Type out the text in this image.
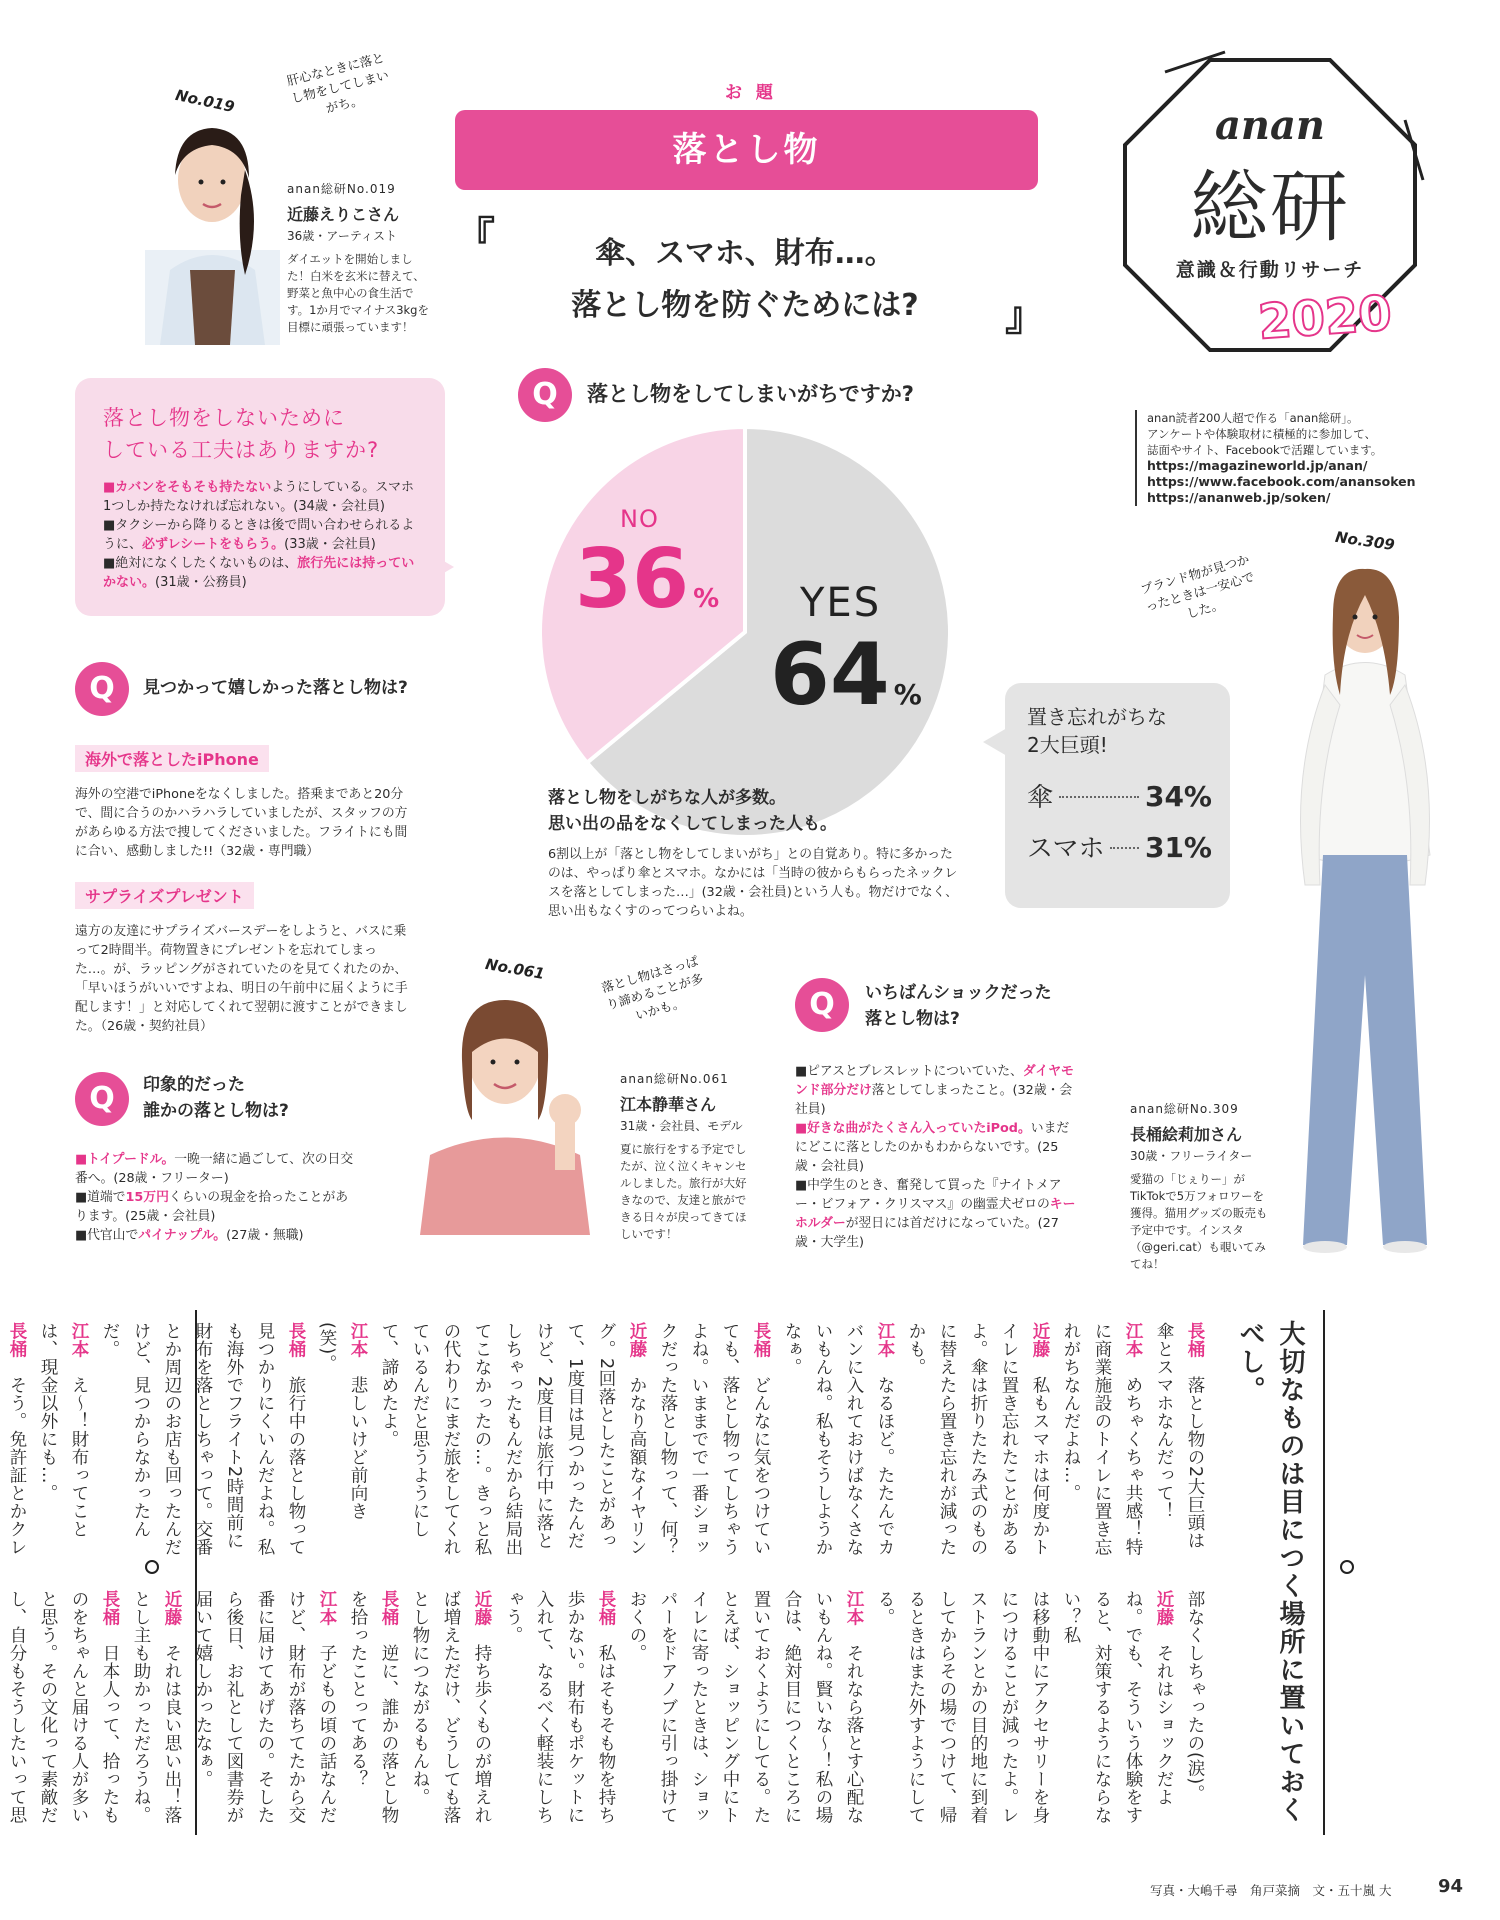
お 題
落とし物
『	傘、スマホ、財布…。
落とし物を防ぐためには?	』
anan
総研
意識＆行動リサーチ
2020
anan読者200人超で作る「anan総研」。
アンケートや体験取材に積極的に参加して、
誌面やサイト、Facebookで活躍しています。
https://magazineworld.jp/anan/
https://www.facebook.com/anansoken
https://ananweb.jp/soken/
No.019
肝心なときに落とし物をしてしまいがち。
anan総研No.019
近藤えりこさん
36歳・アーティスト
ダイエットを開始しました！白米を玄米に替えて、野菜と魚中心の食生活です。1か月でマイナス3kgを目標に頑張っています！
落とし物をしないために
している工夫はありますか?
■カバンをそもそも持たないようにしている。スマホ1つしか持たなければ忘れない。(34歳・会社員)
■タクシーから降りるときは後で問い合わせられるように、必ずレシートをもらう。(33歳・会社員)
■絶対になくしたくないものは、旅行先には持っていかない。(31歳・公務員)
Q	見つかって嬉しかった落とし物は?
海外で落としたiPhone
海外の空港でiPhoneをなくしました。搭乗まであと20分で、間に合うのかハラハラしていましたが、スタッフの方があらゆる方法で捜してくださいました。フライトにも間に合い、感動しました!!（32歳・専門職）
サプライズプレゼント
遠方の友達にサプライズバースデーをしようと、バスに乗って2時間半。荷物置きにプレゼントを忘れてしまった…。が、ラッピングがされていたのを見てくれたのか、「早いほうがいいですよね、明日の午前中に届くように手配します！」と対応してくれて翌朝に渡すことができました。（26歳・契約社員）
Q	印象的だった
誰かの落とし物は?
■トイプードル。一晩一緒に過ごして、次の日交番へ。(28歳・フリーター)
■道端で15万円くらいの現金を拾ったことがあります。(25歳・会社員)
■代官山でパイナップル。(27歳・無職)
Q	落とし物をしてしまいがちですか?
NO
36 % YES
64 %
落とし物をしがちな人が多数。
思い出の品をなくしてしまった人も。
6割以上が「落とし物をしてしまいがち」との自覚あり。特に多かったのは、やっぱり傘とスマホ。なかには「当時の彼からもらったネックレスを落としてしまった…」(32歳・会社員)という人も。物だけでなく、思い出もなくすのってつらいよね。
置き忘れがちな
2大巨頭!
傘	34%
スマホ 31%
No.309
ブランド物が見つかったときは一安心でした。
anan総研No.309
長桶絵莉加さん
30歳・フリーライター
愛猫の「じぇりー」がTikTokで5万フォロワーを獲得。猫用グッズの販売も予定中です。インスタ（@geri.cat）も覗いてみてね！
No.061	落とし物はさっぱり諦めることが多いかも。
anan総研No.061
江本静華さん
31歳・会社員、モデル
夏に旅行をする予定でしたが、泣く泣くキャンセルしました。旅行が大好きなので、友達と旅ができる日々が戻ってきてほしいです！
Q	いちばんショックだった
落とし物は?
■ピアスとブレスレットについていた、ダイヤモンド部分だけ落としてしまったこと。(32歳・会社員)
■好きな曲がたくさん入っていたiPod。いまだにどこに落としたのかもわからないです。(25歳・会社員)
■中学生のとき、奮発して買った『ナイトメアー・ビフォア・クリスマス』の幽霊犬ゼロのキーホルダーが翌日には首だけになっていた。(27歳・大学生)
大切なものは目につく場所に置いておくべし。

長桶　落とし物の2大巨頭は傘とスマホなんだって！

江本　めちゃくちゃ共感！特に商業施設のトイレに置き忘れがちなんだよね…。

近藤　私もスマホは何度かトイレに置き忘れたことがあるよ。傘は折りたたみ式のものに替えたら置き忘れが減ったかも。

江本　なるほど。たたんでカバンに入れておけばなくさないもんね。私もそうしようかなぁ。

長桶　どんなに気をつけていても、落とし物ってしちゃうよね。いままでで一番ショックだった落とし物って、何？

近藤　かなり高額なイヤリング。2回落としたことがあって、1度目は見つかったんだけど、2度目は旅行中に落としちゃったもんだから結局出てこなかったの…。きっと私の代わりにまだ旅をしてくれているんだと思うようにして、諦めたよ。

江本　悲しいけど前向き(笑)。

長桶　旅行中の落とし物って見つかりにくいんだよね。私も海外でフライト2時間前に財布を落としちゃって。交番とか周辺のお店も回ったんだけど、見つからなかったんだ。

江本　え～！財布ってことは、現金以外にも…。

長桶　そう。免許証とかクレ

部なくしちゃったの(涙)。

近藤　それはショックだよね。でも、そういう体験をすると、対策するようにならない？私

は移動中にアクセサリーを身につけることが減ったよ。レストランとかの目的地に到着してからその場でつけて、帰るときはまた外すようにしてる。

江本　それなら落とす心配ないもんね。賢いな～！私の場合は、絶対目につくところに置いておくようにしてる。たとえば、ショッピング中にトイレに寄ったときは、ショッパーをドアノブに引っ掛けておくの。

長桶　私はそもそも物を持ち歩かない。財布もポケットに入れて、なるべく軽装にしちゃう。

近藤　持ち歩くものが増えれば増えただけ、どうしても落とし物につながるもんね。

長桶　逆に、誰かの落とし物を拾ったことってある？

江本　子どもの頃の話なんだけど、財布が落ちてたから交番に届けてあげたの。そしたら後日、お礼として図書券が届いて嬉しかったなぁ。

近藤　それは良い思い出！落とし主も助かっただろうね。

長桶　日本人って、拾ったものをちゃんと届ける人が多いと思う。その文化って素敵だし、自分もそうしたいって思

写真・大嶋千尋　角戸菜摘　文・五十嵐 大	94
